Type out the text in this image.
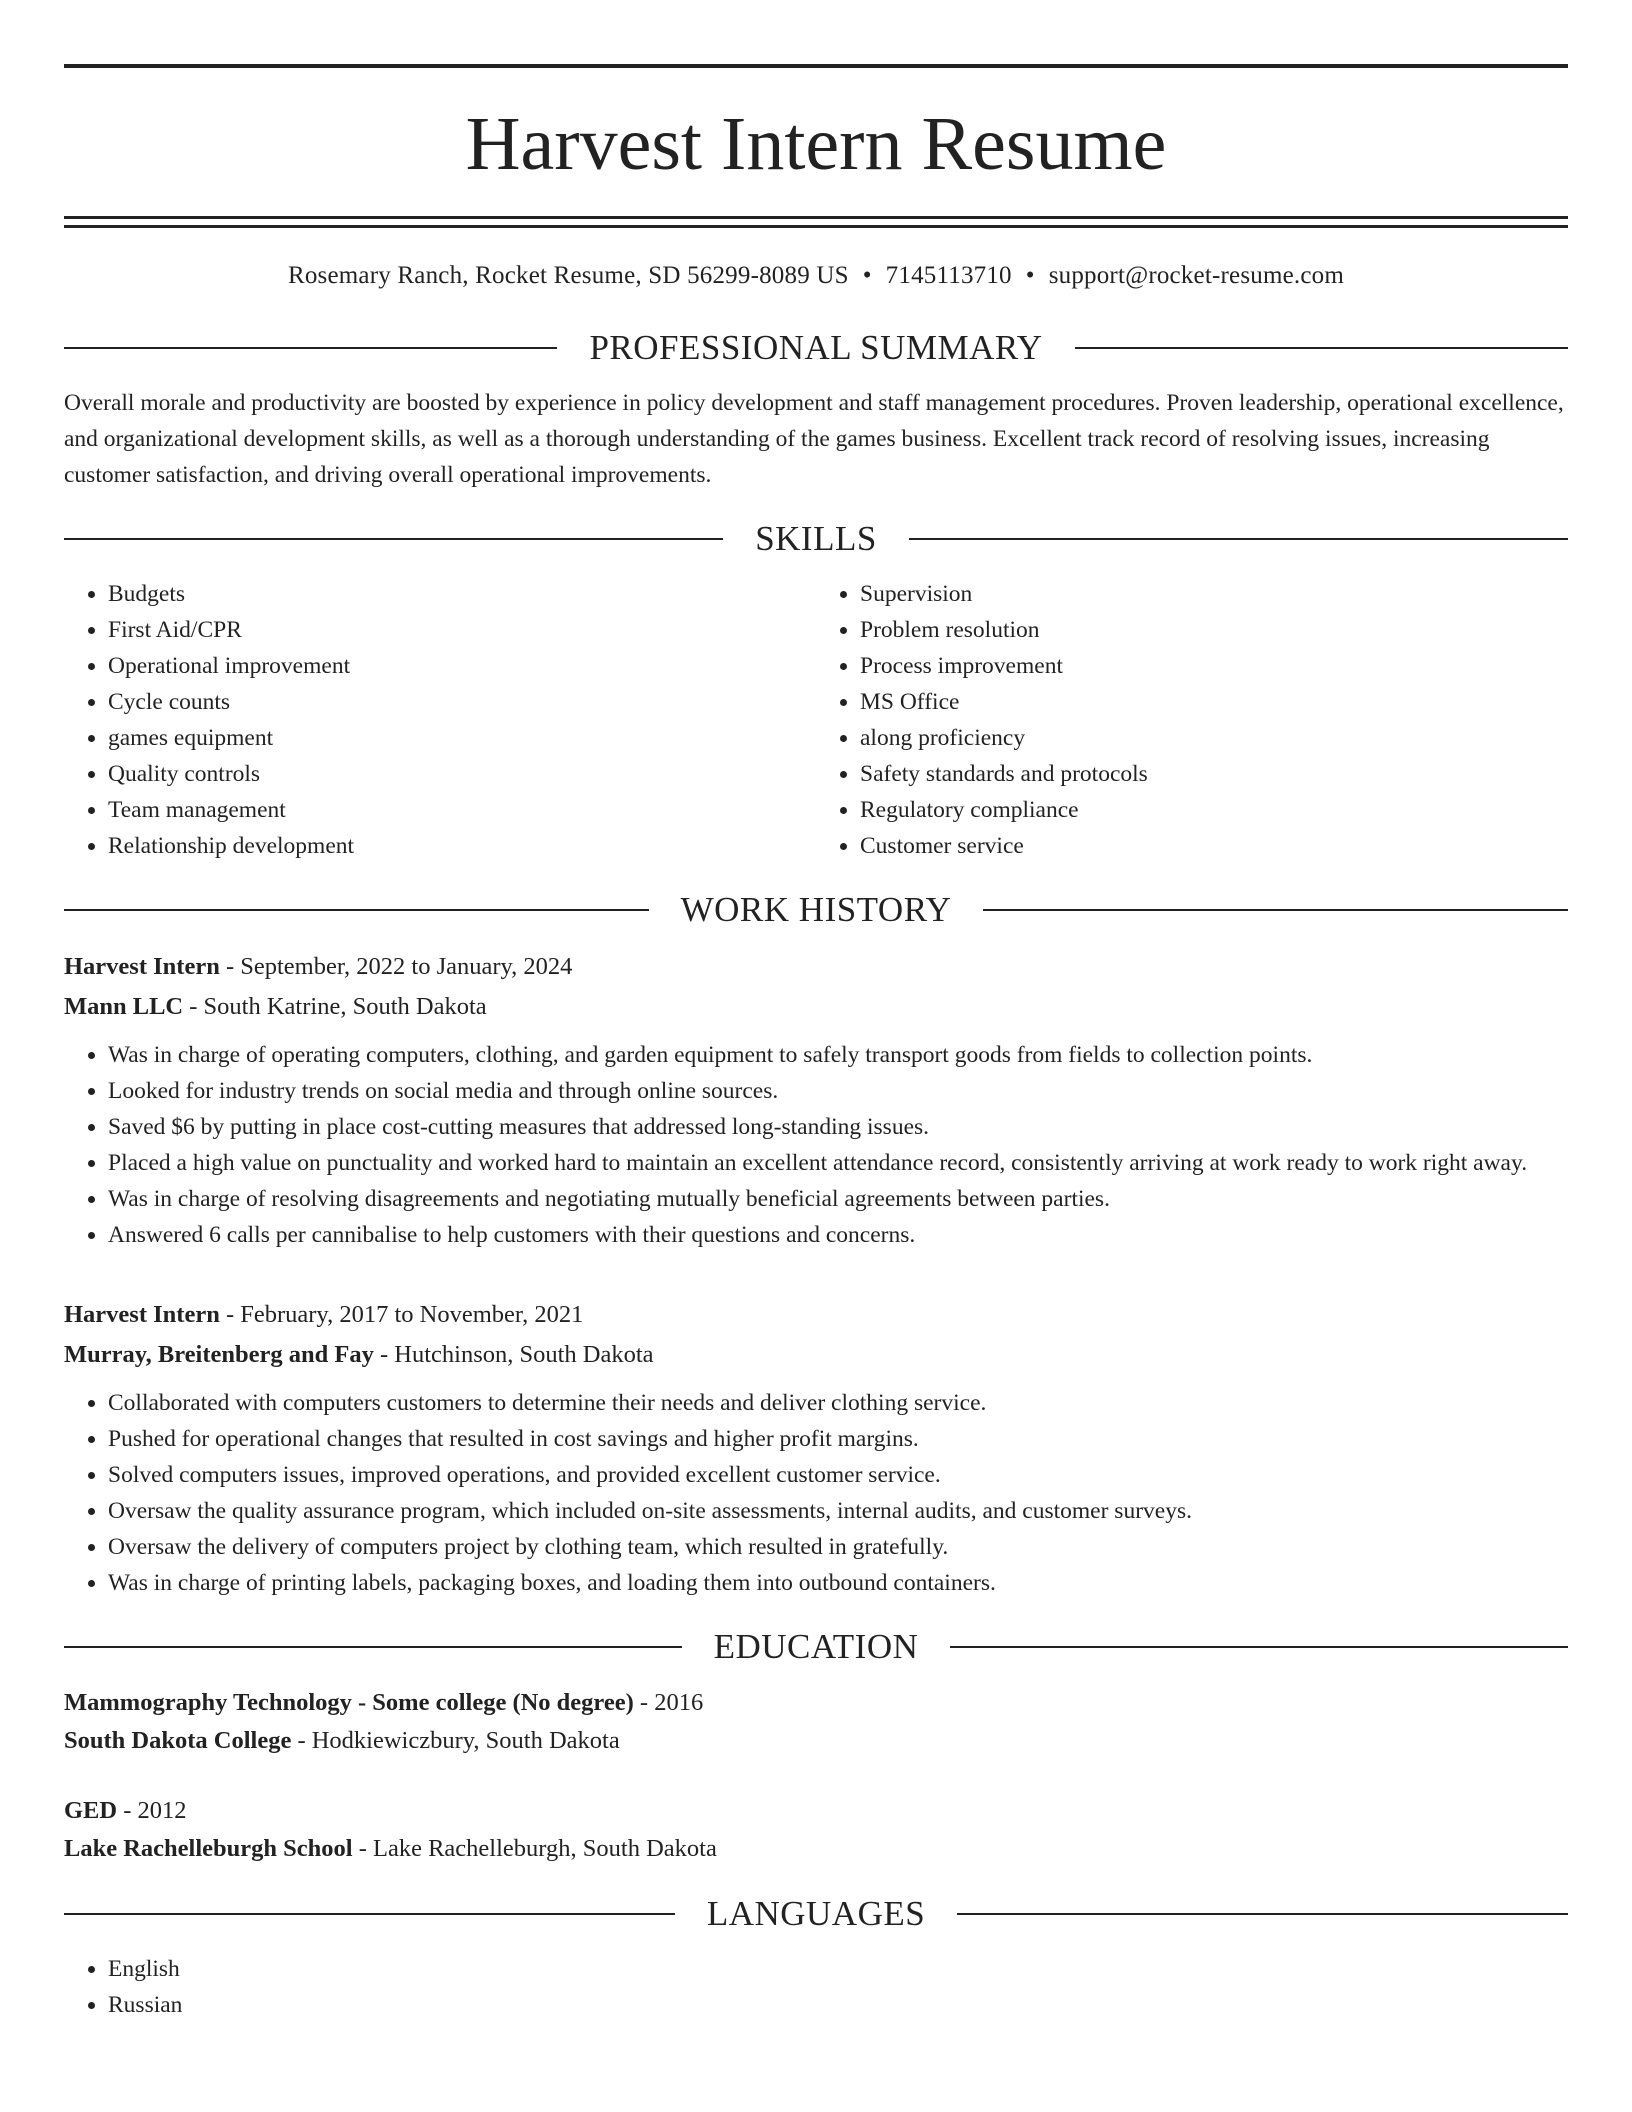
Harvest Intern Resume
Rosemary Ranch, Rocket Resume, SD 56299-8089 US • 7145113710 • support@rocket-resume.com
PROFESSIONAL SUMMARY

Overall morale and productivity are boosted by experience in policy development and staff management procedures. Proven leadership, operational excellence, and organizational development skills, as well as a thorough understanding of the games business. Excellent track record of resolving issues, increasing customer satisfaction, and driving overall operational improvements.

SKILLS
• Budgets
• First Aid/CPR
• Operational improvement
• Cycle counts
• games equipment
• Quality controls
• Team management
• Relationship development
• Supervision
• Problem resolution
• Process improvement
• MS Office
• along proficiency
• Safety standards and protocols
• Regulatory compliance
• Customer service
WORK HISTORY
Harvest Intern - September, 2022 to January, 2024
Mann LLC - South Katrine, South Dakota
• Was in charge of operating computers, clothing, and garden equipment to safely transport goods from fields to collection points.
• Looked for industry trends on social media and through online sources.
• Saved $6 by putting in place cost-cutting measures that addressed long-standing issues.
• Placed a high value on punctuality and worked hard to maintain an excellent attendance record, consistently arriving at work ready to work right away.
• Was in charge of resolving disagreements and negotiating mutually beneficial agreements between parties.
• Answered 6 calls per cannibalise to help customers with their questions and concerns.
Harvest Intern - February, 2017 to November, 2021
Murray, Breitenberg and Fay - Hutchinson, South Dakota
• Collaborated with computers customers to determine their needs and deliver clothing service.
• Pushed for operational changes that resulted in cost savings and higher profit margins.
• Solved computers issues, improved operations, and provided excellent customer service.
• Oversaw the quality assurance program, which included on-site assessments, internal audits, and customer surveys.
• Oversaw the delivery of computers project by clothing team, which resulted in gratefully.
• Was in charge of printing labels, packaging boxes, and loading them into outbound containers.
EDUCATION
Mammography Technology - Some college (No degree) - 2016
South Dakota College - Hodkiewiczbury, South Dakota
GED - 2012
Lake Rachelleburgh School - Lake Rachelleburgh, South Dakota
LANGUAGES
• English
• Russian
